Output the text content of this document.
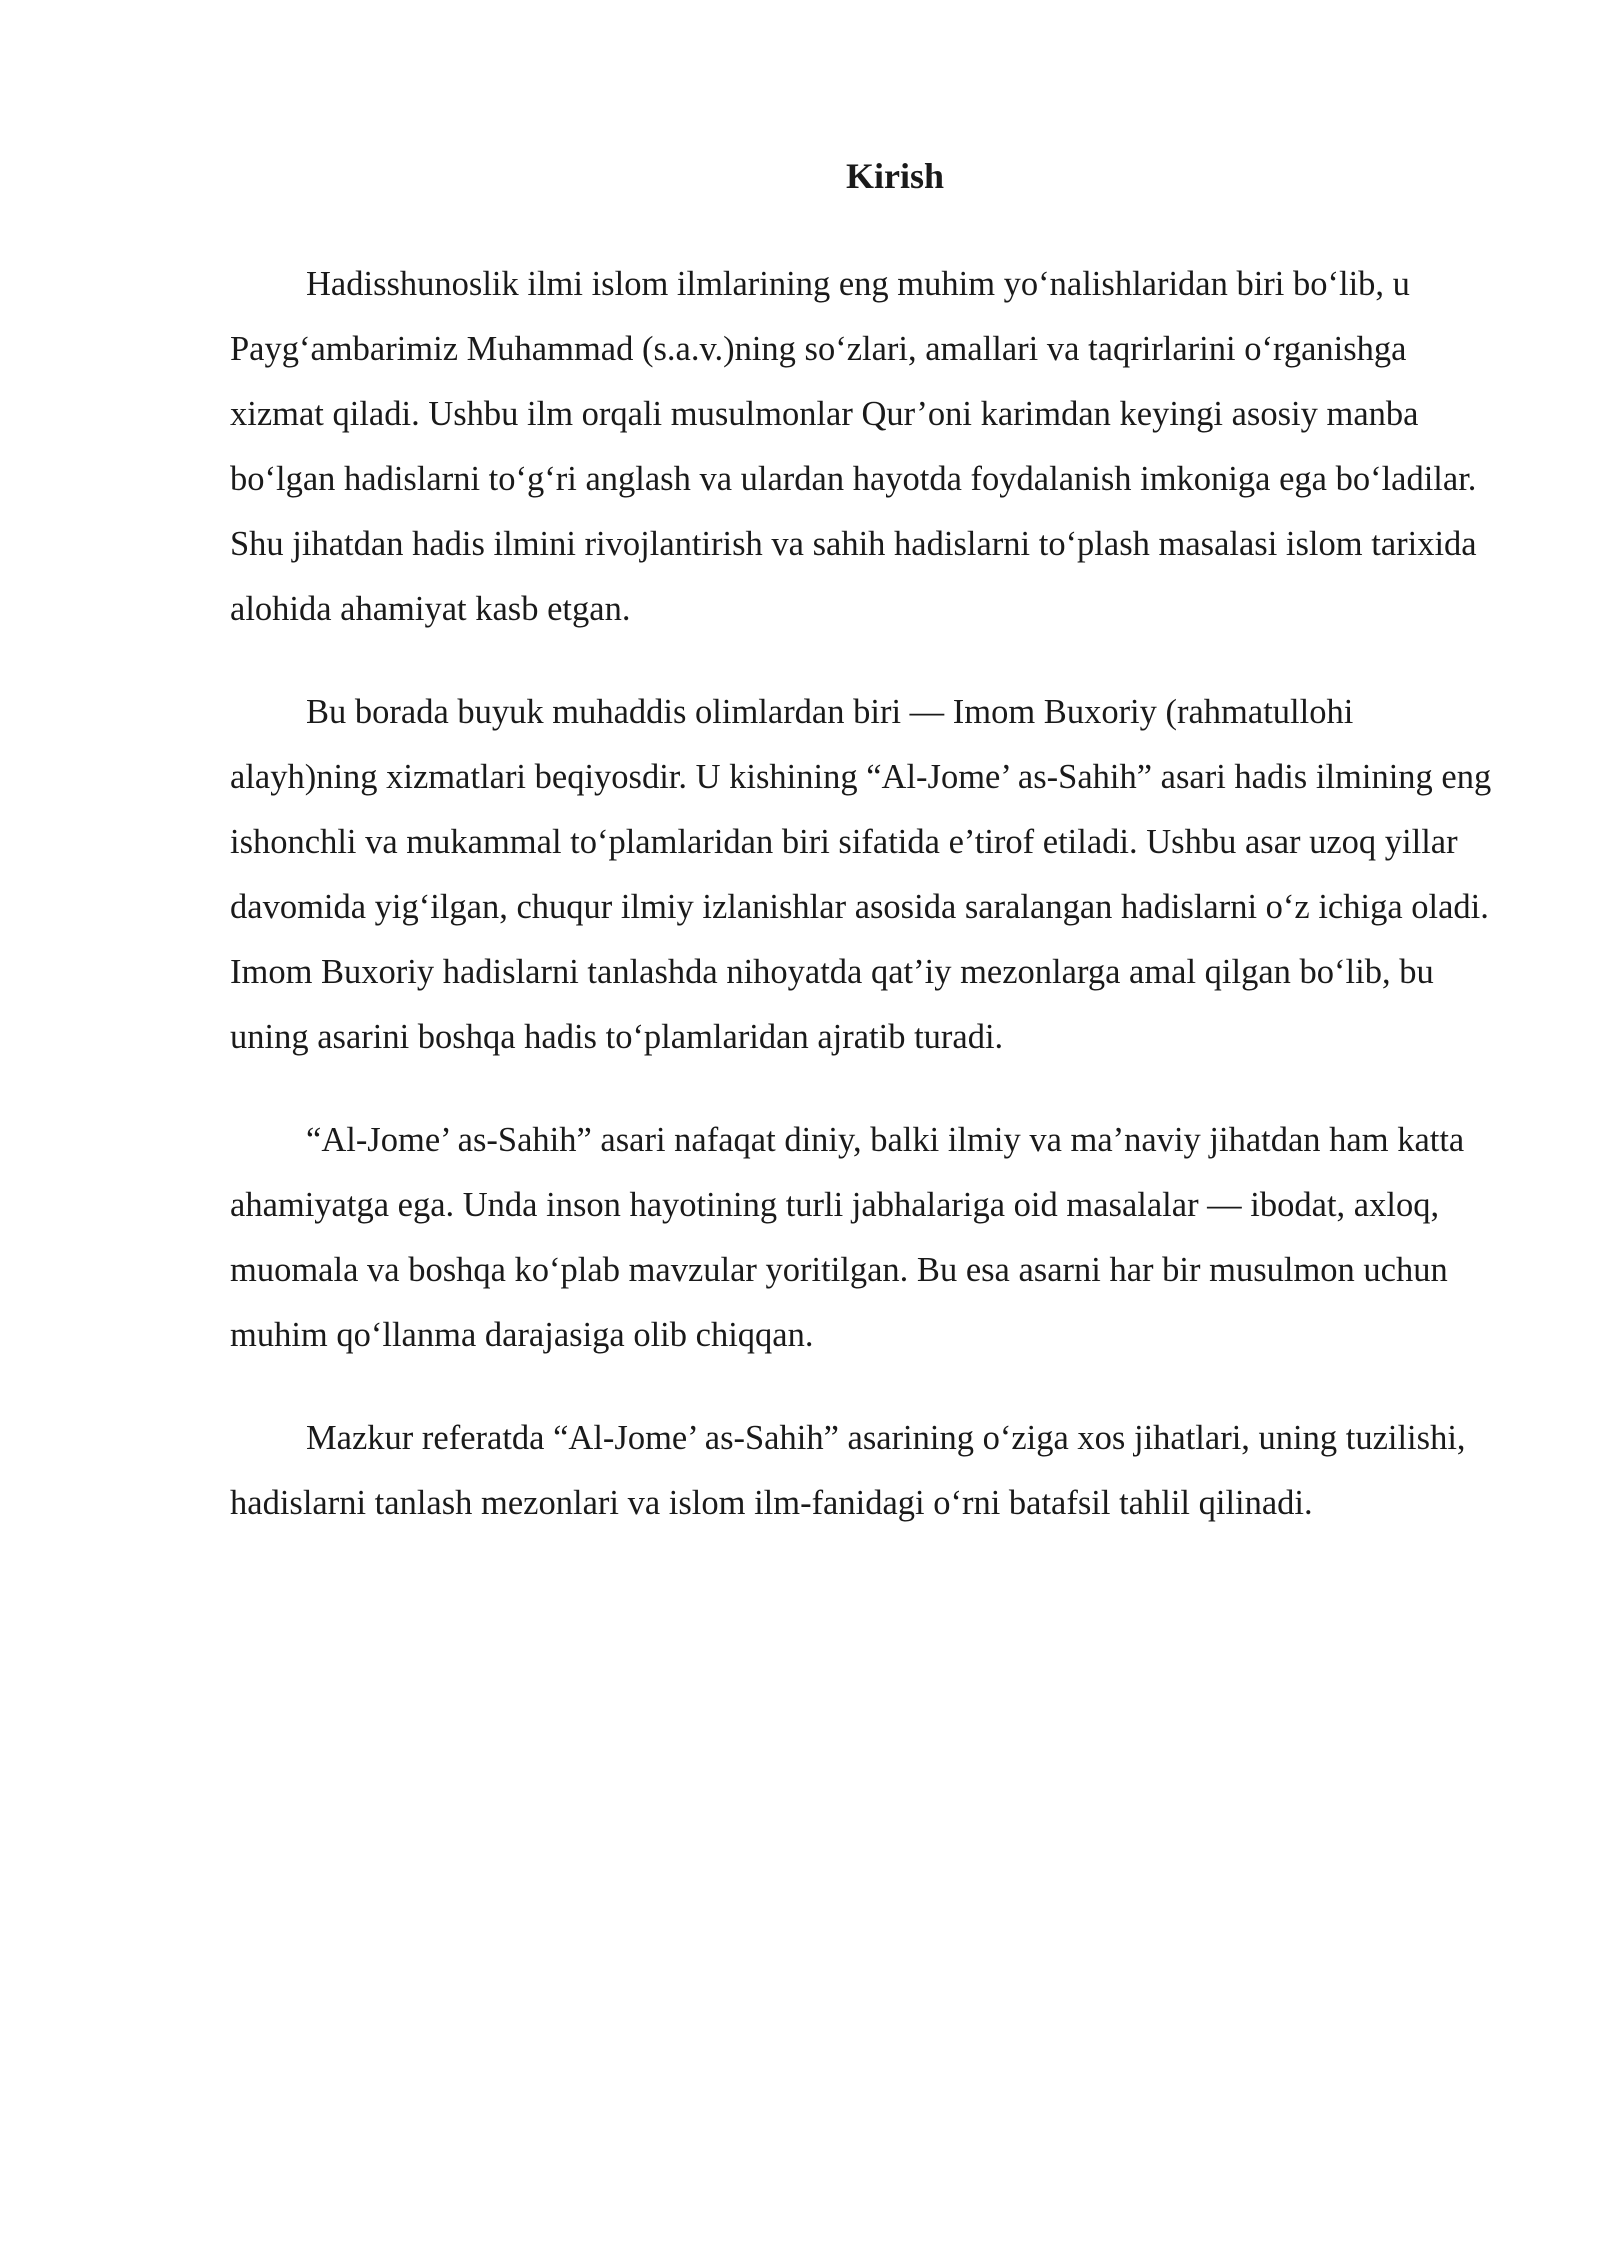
Kirish

Hadisshunoslik ilmi islom ilmlarining eng muhim yoʻnalishlaridan biri boʻlib, u Paygʻambarimiz Muhammad (s.a.v.)ning soʻzlari, amallari va taqrirlarini oʻrganishga xizmat qiladi. Ushbu ilm orqali musulmonlar Qur’oni karimdan keyingi asosiy manba boʻlgan hadislarni toʻgʻri anglash va ulardan hayotda foydalanish imkoniga ega boʻladilar. Shu jihatdan hadis ilmini rivojlantirish va sahih hadislarni toʻplash masalasi islom tarixida alohida ahamiyat kasb etgan.

Bu borada buyuk muhaddis olimlardan biri — Imom Buxoriy (rahmatullohi alayh)ning xizmatlari beqiyosdir. U kishining “Al-Jome’ as-Sahih” asari hadis ilmining eng ishonchli va mukammal toʻplamlaridan biri sifatida e’tirof etiladi. Ushbu asar uzoq yillar davomida yigʻilgan, chuqur ilmiy izlanishlar asosida saralangan hadislarni oʻz ichiga oladi. Imom Buxoriy hadislarni tanlashda nihoyatda qat’iy mezonlarga amal qilgan boʻlib, bu uning asarini boshqa hadis toʻplamlaridan ajratib turadi.

“Al-Jome’ as-Sahih” asari nafaqat diniy, balki ilmiy va ma’naviy jihatdan ham katta ahamiyatga ega. Unda inson hayotining turli jabhalariga oid masalalar — ibodat, axloq, muomala va boshqa koʻplab mavzular yoritilgan. Bu esa asarni har bir musulmon uchun muhim qoʻllanma darajasiga olib chiqqan.

Mazkur referatda “Al-Jome’ as-Sahih” asarining oʻziga xos jihatlari, uning tuzilishi, hadislarni tanlash mezonlari va islom ilm-fanidagi oʻrni batafsil tahlil qilinadi.
